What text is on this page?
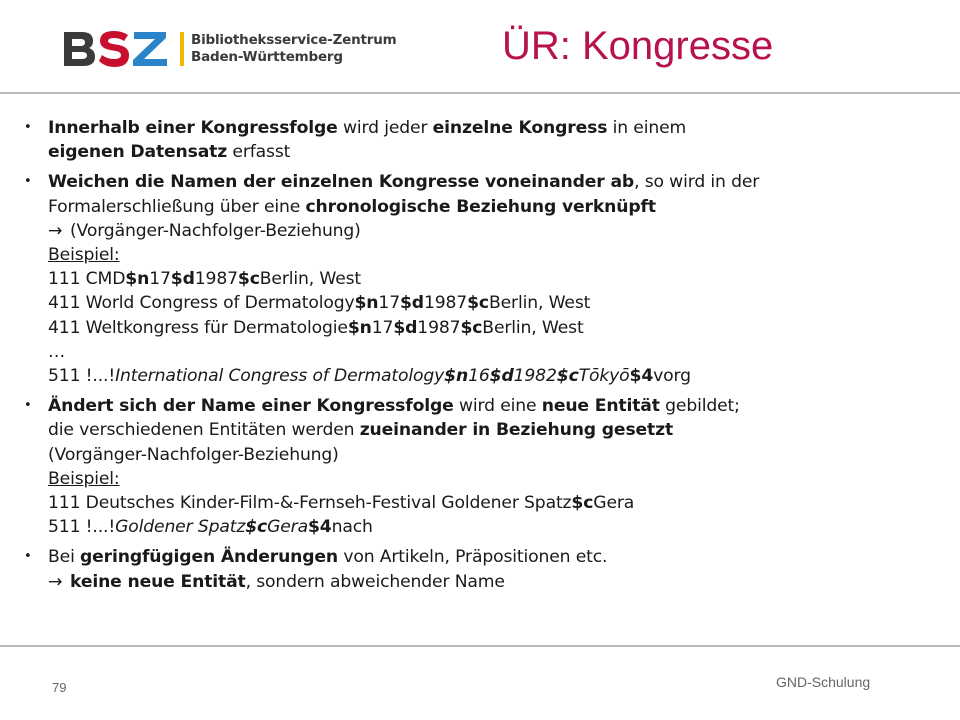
Bibliotheksservice-Zentrum
Baden-Württemberg	ÜR: Kongresse
• Innerhalb einer Kongressfolge wird jeder einzelne Kongress in einem
eigenen Datensatz erfasst
• Weichen die Namen der einzelnen Kongresse voneinander ab, so wird in der
Formalerschließung über eine chronologische Beziehung verknüpft
→ (Vorgänger-Nachfolger-Beziehung)
Beispiel:
111 CMD$n17$d1987$cBerlin, West
411 World Congress of Dermatology$n17$d1987$cBerlin, West
411 Weltkongress für Dermatologie$n17$d1987$cBerlin, West
…
511 !...!International Congress of Dermatology$n16$d1982$cTōkyō$4vorg
• Ändert sich der Name einer Kongressfolge wird eine neue Entität gebildet;
die verschiedenen Entitäten werden zueinander in Beziehung gesetzt
(Vorgänger-Nachfolger-Beziehung)
Beispiel:
111 Deutsches Kinder-Film-&-Fernseh-Festival Goldener Spatz$cGera
511 !...!Goldener Spatz$cGera$4nach
• Bei geringfügigen Änderungen von Artikeln, Präpositionen etc.
→ keine neue Entität, sondern abweichender Name
79	GND-Schulung
